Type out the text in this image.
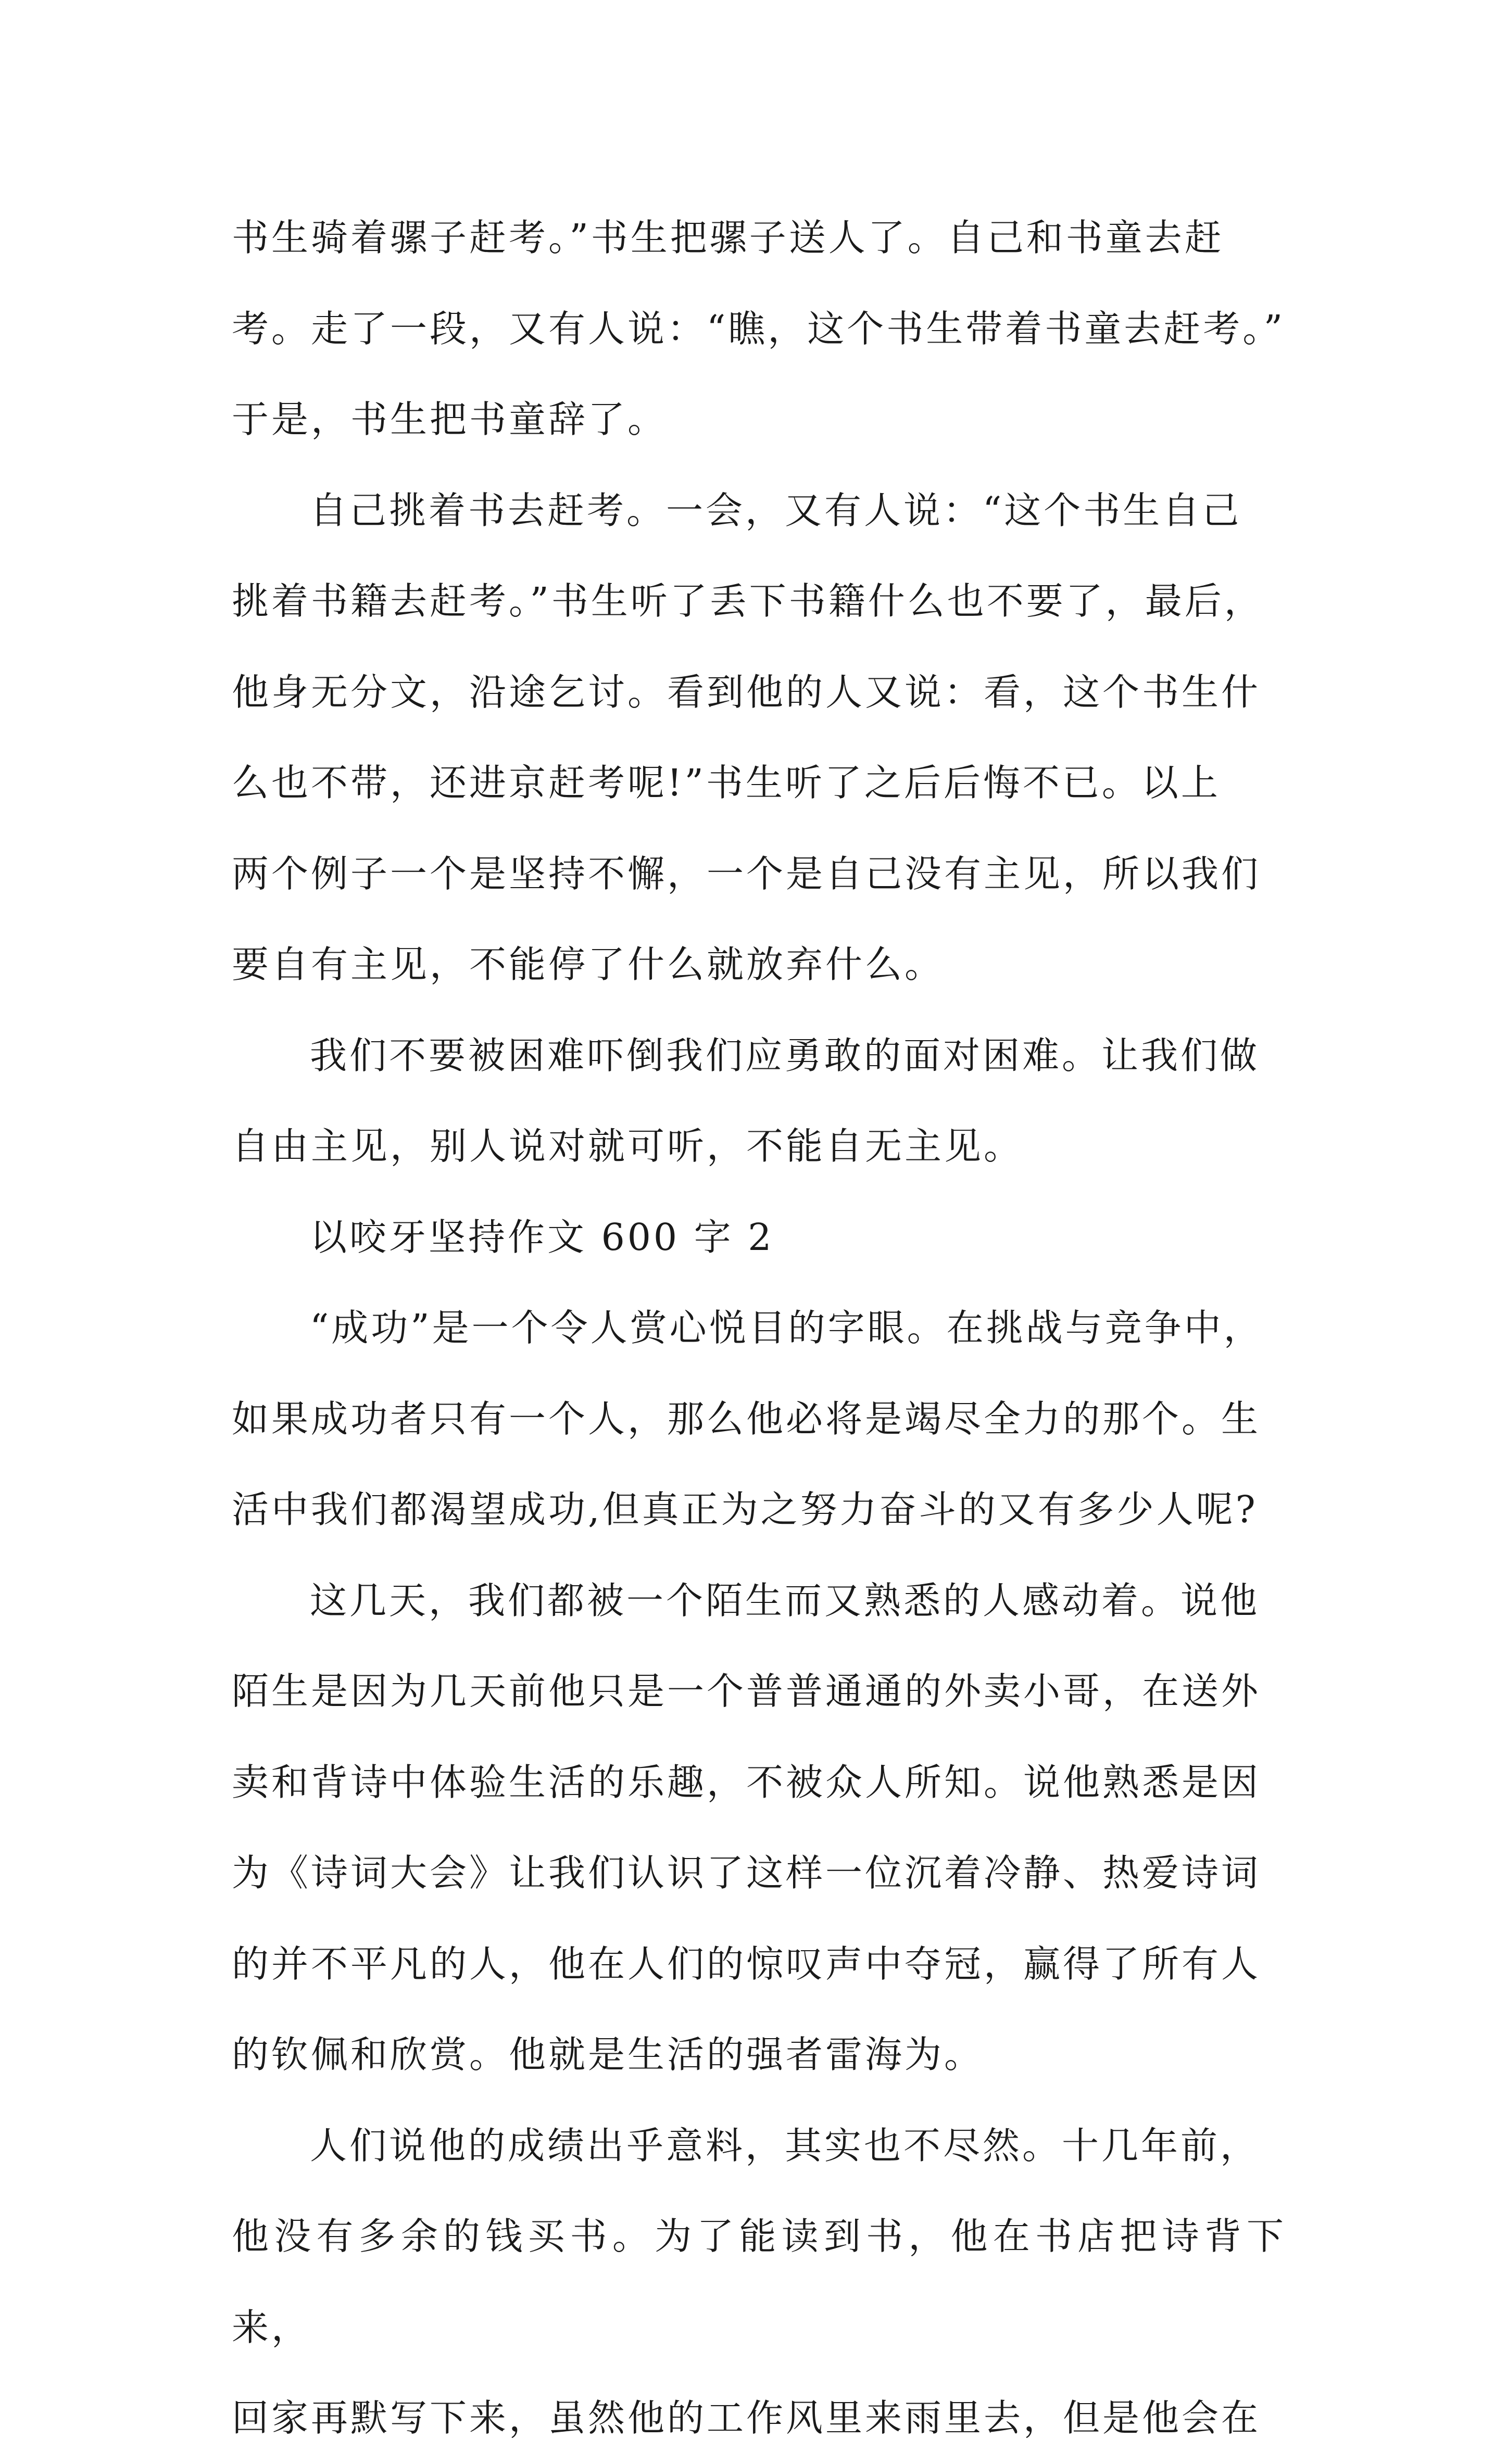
书生骑着骡子赶考。”书生把骡子送人了。自己和书童去赶
考。走了一段，又有人说：“瞧，这个书生带着书童去赶考。”
于是，书生把书童辞了。

自己挑着书去赶考。一会，又有人说：“这个书生自己
挑着书籍去赶考。”书生听了丢下书籍什么也不要了，最后，
他身无分文，沿途乞讨。看到他的人又说：看，这个书生什
么也不带，还进京赶考呢!”书生听了之后后悔不已。以上
两个例子一个是坚持不懈，一个是自己没有主见，所以我们
要自有主见，不能停了什么就放弃什么。

我们不要被困难吓倒我们应勇敢的面对困难。让我们做
自由主见，别人说对就可听，不能自无主见。

以咬牙坚持作文 600 字 2

“成功”是一个令人赏心悦目的字眼。在挑战与竞争中，
如果成功者只有一个人，那么他必将是竭尽全力的那个。生
活中我们都渴望成功,但真正为之努力奋斗的又有多少人呢?

这几天，我们都被一个陌生而又熟悉的人感动着。说他
陌生是因为几天前他只是一个普普通通的外卖小哥，在送外
卖和背诗中体验生活的乐趣，不被众人所知。说他熟悉是因
为《诗词大会》让我们认识了这样一位沉着冷静、热爱诗词
的并不平凡的人，他在人们的惊叹声中夺冠，赢得了所有人
的钦佩和欣赏。他就是生活的强者雷海为。

人们说他的成绩出乎意料，其实也不尽然。十几年前，
他没有多余的钱买书。为了能读到书，他在书店把诗背下来，
回家再默写下来，虽然他的工作风里来雨里去，但是他会在
